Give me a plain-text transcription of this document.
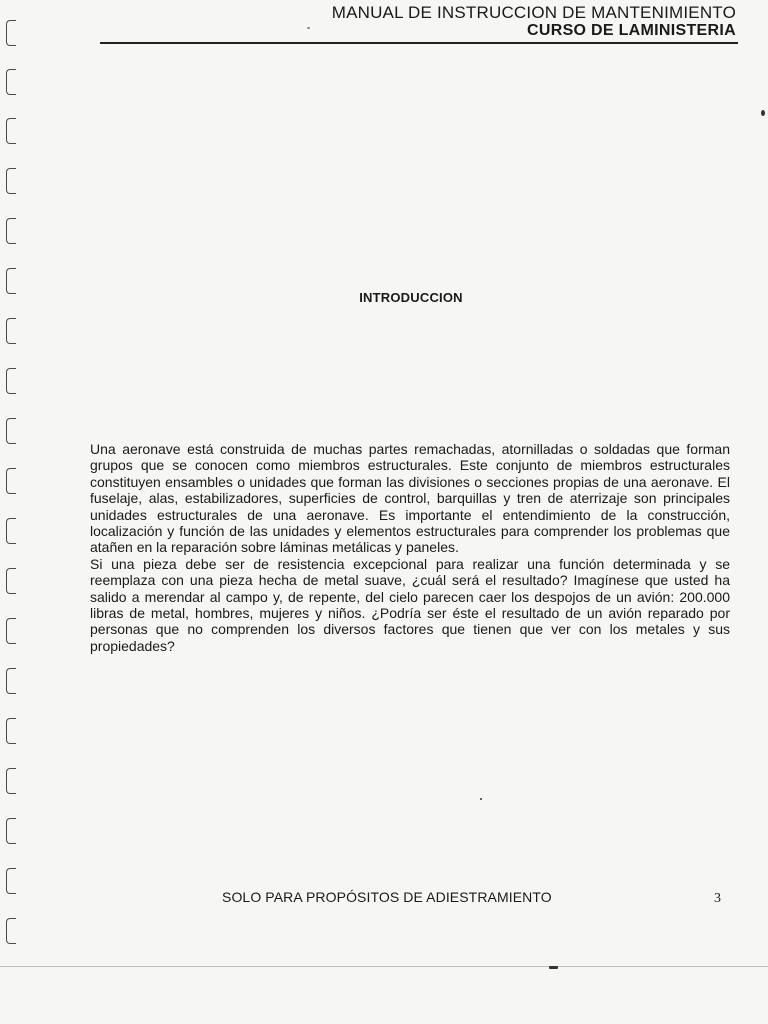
MANUAL DE INSTRUCCION DE MANTENIMIENTO
CURSO DE LAMINISTERIA
INTRODUCCION

Una aeronave está construida de muchas partes remachadas, atornilladas o soldadas que forman grupos que se conocen como miembros estructurales. Este conjunto de miembros estructurales constituyen ensambles o unidades que forman las divisiones o secciones propias de una aeronave. El fuselaje, alas, estabilizadores, superficies de control, barquillas y tren de aterrizaje son principales unidades estructurales de una aeronave. Es importante el entendimiento de la construcción, localización y función de las unidades y elementos estructurales para comprender los problemas que atañen en la reparación sobre láminas metálicas y paneles.

Si una pieza debe ser de resistencia excepcional para realizar una función determinada y se reemplaza con una pieza hecha de metal suave, ¿cuál será el resultado? Imagínese que usted ha salido a merendar al campo y, de repente, del cielo parecen caer los despojos de un avión: 200.000 libras de metal, hombres, mujeres y niños. ¿Podría ser éste el resultado de un avión reparado por personas que no comprenden los diversos factores que tienen que ver con los metales y sus propiedades?

SOLO PARA PROPÓSITOS DE ADIESTRAMIENTO	3
